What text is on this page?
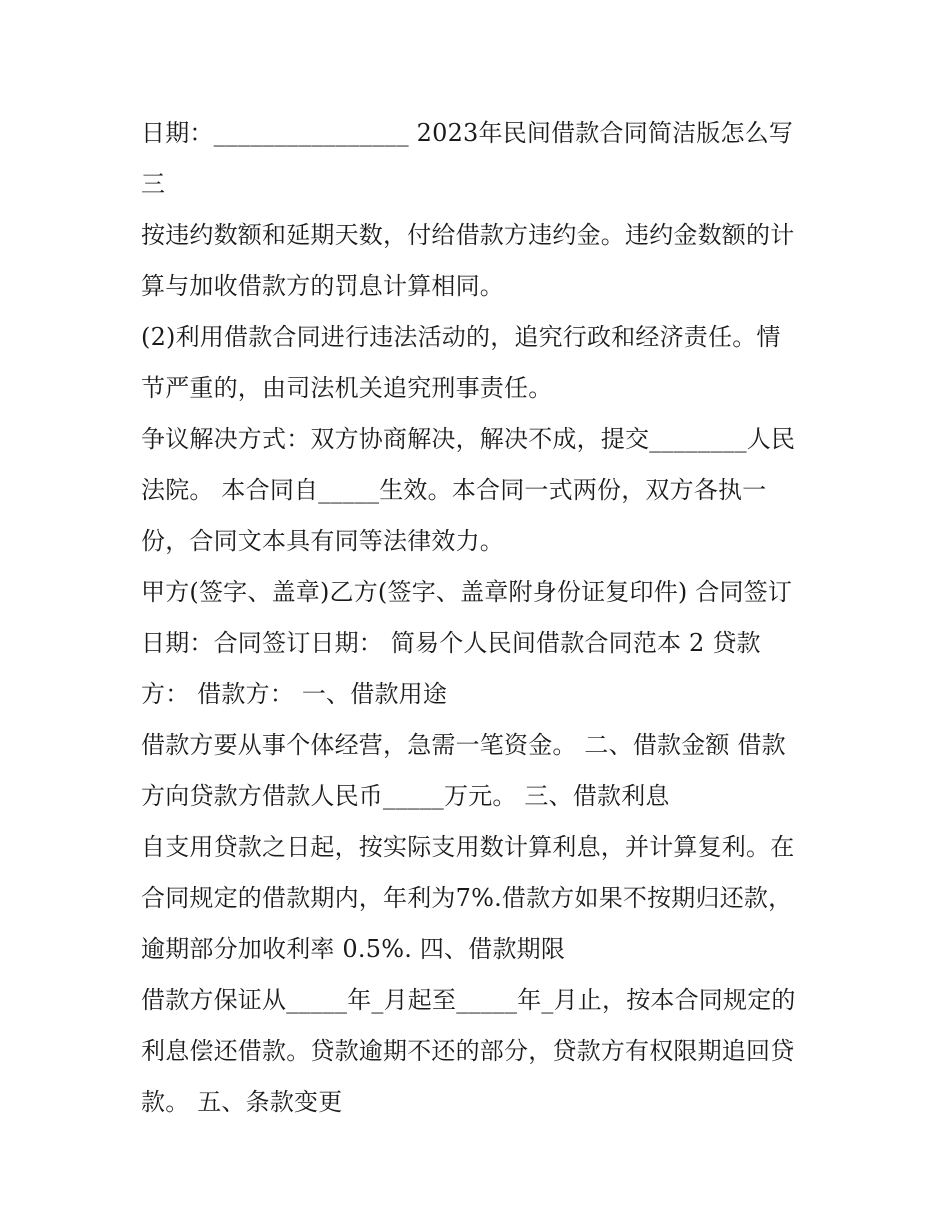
日期：________________ 2023年民间借款合同简洁版怎么写
三
按违约数额和延期天数，付给借款方违约金。违约金数额的计
算与加收借款方的罚息计算相同。
(2)利用借款合同进行违法活动的，追究行政和经济责任。情
节严重的，由司法机关追究刑事责任。
争议解决方式：双方协商解决，解决不成，提交________人民
法院。 本合同自_____生效。本合同一式两份，双方各执一
份，合同文本具有同等法律效力。
甲方(签字、盖章)乙方(签字、盖章附身份证复印件) 合同签订
日期：合同签订日期： 简易个人民间借款合同范本 2 贷款
方： 借款方： 一、借款用途
借款方要从事个体经营，急需一笔资金。 二、借款金额 借款
方向贷款方借款人民币_____万元。 三、借款利息
自支用贷款之日起，按实际支用数计算利息，并计算复利。在
合同规定的借款期内，年利为7%.借款方如果不按期归还款，
逾期部分加收利率 0.5%. 四、借款期限
借款方保证从_____年_月起至_____年_月止，按本合同规定的
利息偿还借款。贷款逾期不还的部分，贷款方有权限期追回贷
款。 五、条款变更
